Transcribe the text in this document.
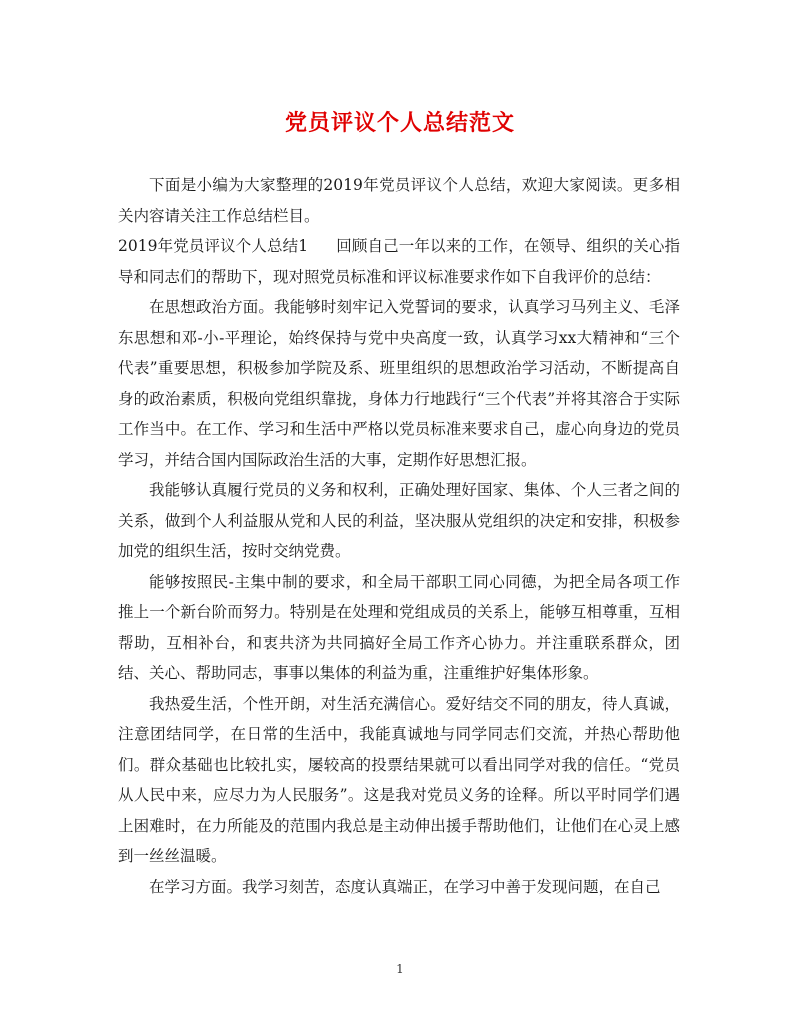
党员评议个人总结范文

下面是小编为大家整理的2019年党员评议个人总结，欢迎大家阅读。更多相关内容请关注工作总结栏目。

2019年党员评议个人总结1 回顾自己一年以来的工作，在领导、组织的关心指导和同志们的帮助下，现对照党员标准和评议标准要求作如下自我评价的总结：

在思想政治方面。我能够时刻牢记入党誓词的要求，认真学习马列主义、毛泽东思想和邓-小-平理论，始终保持与党中央高度一致，认真学习xx大精神和“三个代表”重要思想，积极参加学院及系、班里组织的思想政治学习活动，不断提高自身的政治素质，积极向党组织靠拢，身体力行地践行“三个代表”并将其溶合于实际工作当中。在工作、学习和生活中严格以党员标准来要求自己，虚心向身边的党员学习，并结合国内国际政治生活的大事，定期作好思想汇报。

我能够认真履行党员的义务和权利，正确处理好国家、集体、个人三者之间的关系，做到个人利益服从党和人民的利益，坚决服从党组织的决定和安排，积极参加党的组织生活，按时交纳党费。

能够按照民-主集中制的要求，和全局干部职工同心同德，为把全局各项工作推上一个新台阶而努力。特别是在处理和党组成员的关系上，能够互相尊重，互相帮助，互相补台，和衷共济为共同搞好全局工作齐心协力。并注重联系群众，团结、关心、帮助同志，事事以集体的利益为重，注重维护好集体形象。

我热爱生活，个性开朗，对生活充满信心。爱好结交不同的朋友，待人真诚，注意团结同学，在日常的生活中，我能真诚地与同学同志们交流，并热心帮助他们。群众基础也比较扎实，屡较高的投票结果就可以看出同学对我的信任。“党员从人民中来，应尽力为人民服务”。这是我对党员义务的诠释。所以平时同学们遇上困难时，在力所能及的范围内我总是主动伸出援手帮助他们，让他们在心灵上感到一丝丝温暖。

在学习方面。我学习刻苦，态度认真端正，在学习中善于发现问题，在自己

1
